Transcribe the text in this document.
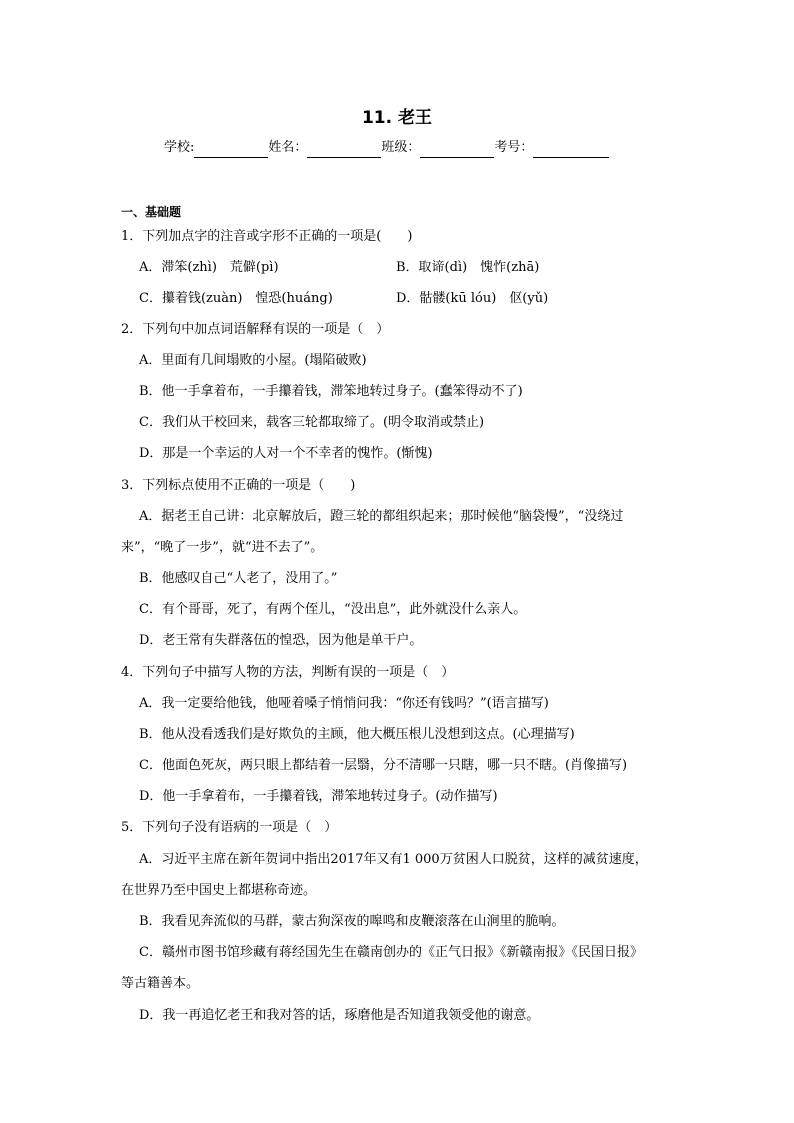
11. 老王
学校:	姓名：	班级：	考号：
一、基础题
1．下列加点字的注音或字形不正确的一项是(　　)
A．滞笨(zhì)　荒僻(pì)	B．取谛(dì)　愧怍(zhā)
C．攥着钱(zuàn)　惶恐(huáng)	D．骷髅(kū lóu)　伛(yǔ)
2．下列句中加点词语解释有误的一项是（　）
A．里面有几间塌败的小屋。(塌陷破败)
B．他一手拿着布，一手攥着钱，滞笨地转过身子。(蠢笨得动不了)
C．我们从干校回来，载客三轮都取缔了。(明令取消或禁止)
D．那是一个幸运的人对一个不幸者的愧怍。(惭愧)
3．下列标点使用不正确的一项是（　　)
A．据老王自己讲：北京解放后，蹬三轮的都组织起来；那时候他“脑袋慢”，“没绕过
来”，“晚了一步”，就“进不去了”。
B．他感叹自己“人老了，没用了。”
C．有个哥哥，死了，有两个侄儿，“没出息”，此外就没什么亲人。
D．老王常有失群落伍的惶恐，因为他是单干户。
4．下列句子中描写人物的方法，判断有误的一项是（　）
A．我一定要给他钱，他哑着嗓子悄悄问我：“你还有钱吗？”(语言描写)
B．他从没看透我们是好欺负的主顾，他大概压根儿没想到这点。(心理描写)
C．他面色死灰，两只眼上都结着一层翳，分不清哪一只瞎，哪一只不瞎。(肖像描写)
D．他一手拿着布，一手攥着钱，滞笨地转过身子。(动作描写)
5．下列句子没有语病的一项是（　）
A．习近平主席在新年贺词中指出2017年又有1 000万贫困人口脱贫，这样的减贫速度，
在世界乃至中国史上都堪称奇迹。
B．我看见奔流似的马群，蒙古狗深夜的嗥鸣和皮鞭滚落在山涧里的脆响。
C．赣州市图书馆珍藏有蒋经国先生在赣南创办的《正气日报》《新赣南报》《民国日报》
等古籍善本。
D．我一再追忆老王和我对答的话，琢磨他是否知道我领受他的谢意。
